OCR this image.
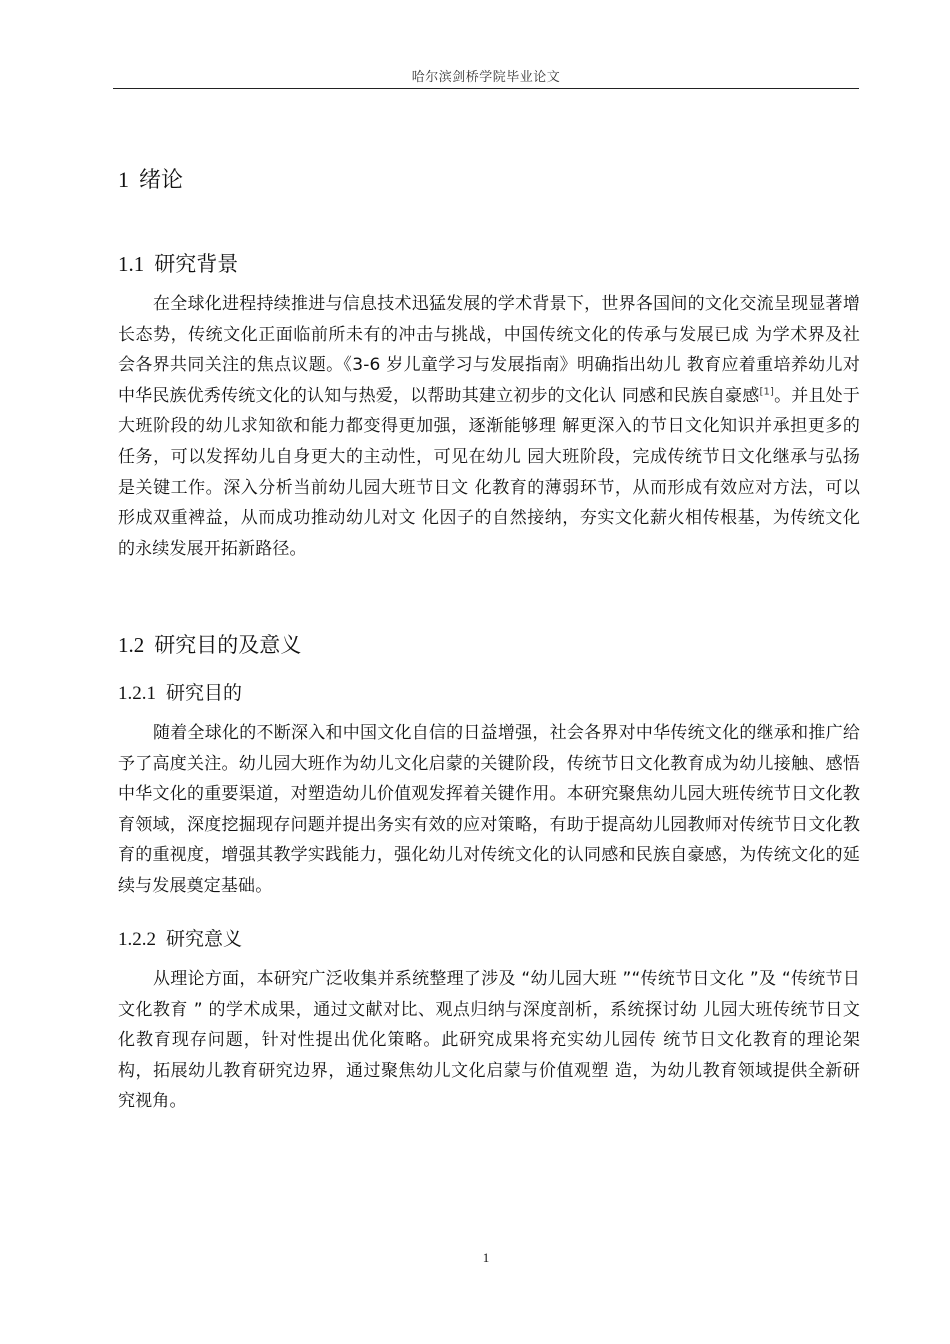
哈尔滨剑桥学院毕业论文
1 绪论
1.1 研究背景

在全球化进程持续推进与信息技术迅猛发展的学术背景下，世界各国间的文化交流呈现显著增长态势，传统文化正面临前所未有的冲击与挑战，中国传统文化的传承与发展已成 为学术界及社会各界共同关注的焦点议题。《3-6 岁儿童学习与发展指南》明确指出幼儿 教育应着重培养幼儿对中华民族优秀传统文化的认知与热爱，以帮助其建立初步的文化认 同感和民族自豪感[1]。并且处于大班阶段的幼儿求知欲和能力都变得更加强，逐渐能够理 解更深入的节日文化知识并承担更多的任务，可以发挥幼儿自身更大的主动性，可见在幼儿 园大班阶段，完成传统节日文化继承与弘扬是关键工作。深入分析当前幼儿园大班节日文 化教育的薄弱环节，从而形成有效应对方法，可以形成双重裨益，从而成功推动幼儿对文 化因子的自然接纳，夯实文化薪火相传根基，为传统文化的永续发展开拓新路径。

1.2 研究目的及意义
1.2.1 研究目的

随着全球化的不断深入和中国文化自信的日益增强，社会各界对中华传统文化的继承和推广给予了高度关注。幼儿园大班作为幼儿文化启蒙的关键阶段，传统节日文化教育成为幼儿接触、感悟中华文化的重要渠道，对塑造幼儿价值观发挥着关键作用。本研究聚焦幼儿园大班传统节日文化教育领域，深度挖掘现存问题并提出务实有效的应对策略，有助于提高幼儿园教师对传统节日文化教育的重视度，增强其教学实践能力，强化幼儿对传统文化的认同感和民族自豪感，为传统文化的延续与发展奠定基础。

1.2.2 研究意义

从理论方面，本研究广泛收集并系统整理了涉及 “幼儿园大班 ”“传统节日文化 ”及 “传统节日文化教育 ” 的学术成果，通过文献对比、观点归纳与深度剖析，系统探讨幼 儿园大班传统节日文化教育现存问题，针对性提出优化策略。此研究成果将充实幼儿园传 统节日文化教育的理论架构，拓展幼儿教育研究边界，通过聚焦幼儿文化启蒙与价值观塑 造，为幼儿教育领域提供全新研究视角。

1
